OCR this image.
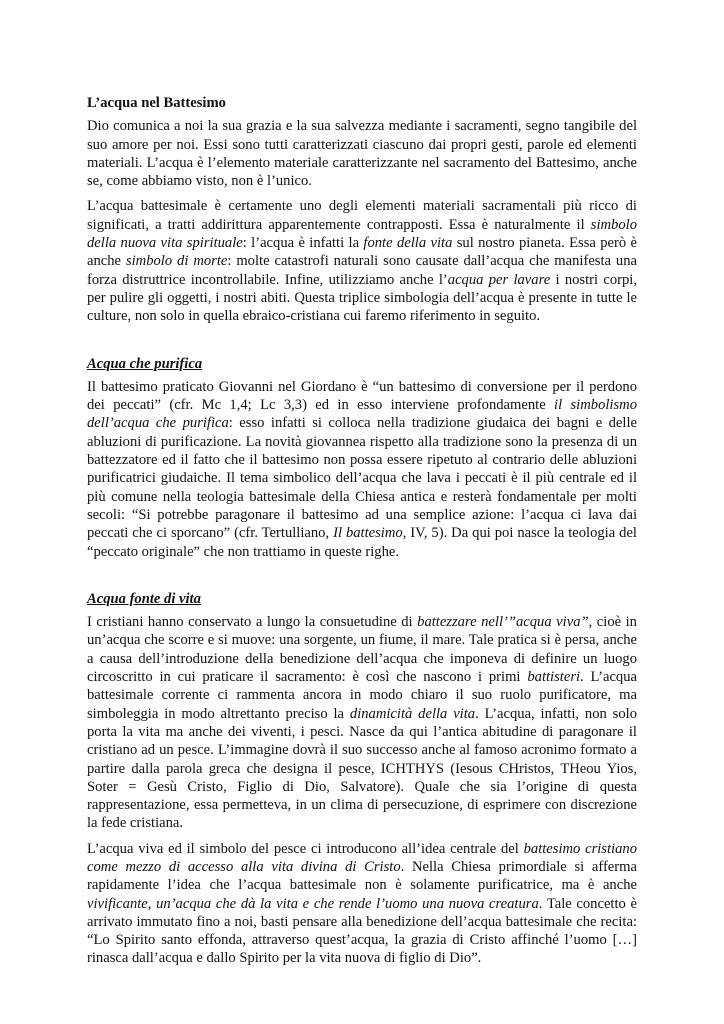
L’acqua nel Battesimo

Dio comunica a noi la sua grazia e la sua salvezza mediante i sacramenti, segno tangibile del suo amore per noi. Essi sono tutti caratterizzati ciascuno dai propri gesti, parole ed elementi materiali. L’acqua è l’elemento materiale caratterizzante nel sacramento del Battesimo, anche se, come abbiamo visto, non è l’unico.

L’acqua battesimale è certamente uno degli elementi materiali sacramentali più ricco di significati, a tratti addirittura apparentemente contrapposti. Essa è naturalmente il simbolo della nuova vita spirituale: l’acqua è infatti la fonte della vita sul nostro pianeta. Essa però è anche simbolo di morte: molte catastrofi naturali sono causate dall’acqua che manifesta una forza distruttrice incontrollabile. Infine, utilizziamo anche l’acqua per lavare i nostri corpi, per pulire gli oggetti, i nostri abiti. Questa triplice simbologia dell’acqua è presente in tutte le culture, non solo in quella ebraico-cristiana cui faremo riferimento in seguito.

Acqua che purifica

Il battesimo praticato Giovanni nel Giordano è “un battesimo di conversione per il perdono dei peccati” (cfr. Mc 1,4; Lc 3,3) ed in esso interviene profondamente il simbolismo dell’acqua che purifica: esso infatti si colloca nella tradizione giudaica dei bagni e delle abluzioni di purificazione. La novità giovannea rispetto alla tradizione sono la presenza di un battezzatore ed il fatto che il battesimo non possa essere ripetuto al contrario delle abluzioni purificatrici giudaiche. Il tema simbolico dell’acqua che lava i peccati è il più centrale ed il più comune nella teologia battesimale della Chiesa antica e resterà fondamentale per molti secoli: “Si potrebbe paragonare il battesimo ad una semplice azione: l’acqua ci lava dai peccati che ci sporcano” (cfr. Tertulliano, Il battesimo, IV, 5). Da qui poi nasce la teologia del “peccato originale” che non trattiamo in queste righe.

Acqua fonte di vita

I cristiani hanno conservato a lungo la consuetudine di battezzare nell’”acqua viva”, cioè in un’acqua che scorre e si muove: una sorgente, un fiume, il mare. Tale pratica si è persa, anche a causa dell’introduzione della benedizione dell’acqua che imponeva di definire un luogo circoscritto in cui praticare il sacramento: è così che nascono i primi battisteri. L’acqua battesimale corrente ci rammenta ancora in modo chiaro il suo ruolo purificatore, ma simboleggia in modo altrettanto preciso la dinamicità della vita. L’acqua, infatti, non solo porta la vita ma anche dei viventi, i pesci. Nasce da qui l’antica abitudine di paragonare il cristiano ad un pesce. L’immagine dovrà il suo successo anche al famoso acronimo formato a partire dalla parola greca che designa il pesce, ICHTHYS (Iesous CHristos, THeou Yios, Soter = Gesù Cristo, Figlio di Dio, Salvatore). Quale che sia l’origine di questa rappresentazione, essa permetteva, in un clima di persecuzione, di esprimere con discrezione la fede cristiana.

L’acqua viva ed il simbolo del pesce ci introducono all’idea centrale del battesimo cristiano come mezzo di accesso alla vita divina di Cristo. Nella Chiesa primordiale si afferma rapidamente l’idea che l’acqua battesimale non è solamente purificatrice, ma è anche vivificante, un’acqua che dà la vita e che rende l’uomo una nuova creatura. Tale concetto è arrivato immutato fino a noi, basti pensare alla benedizione dell’acqua battesimale che recita: “Lo Spirito santo effonda, attraverso quest’acqua, la grazia di Cristo affinché l’uomo […] rinasca dall’acqua e dallo Spirito per la vita nuova di figlio di Dio”.
